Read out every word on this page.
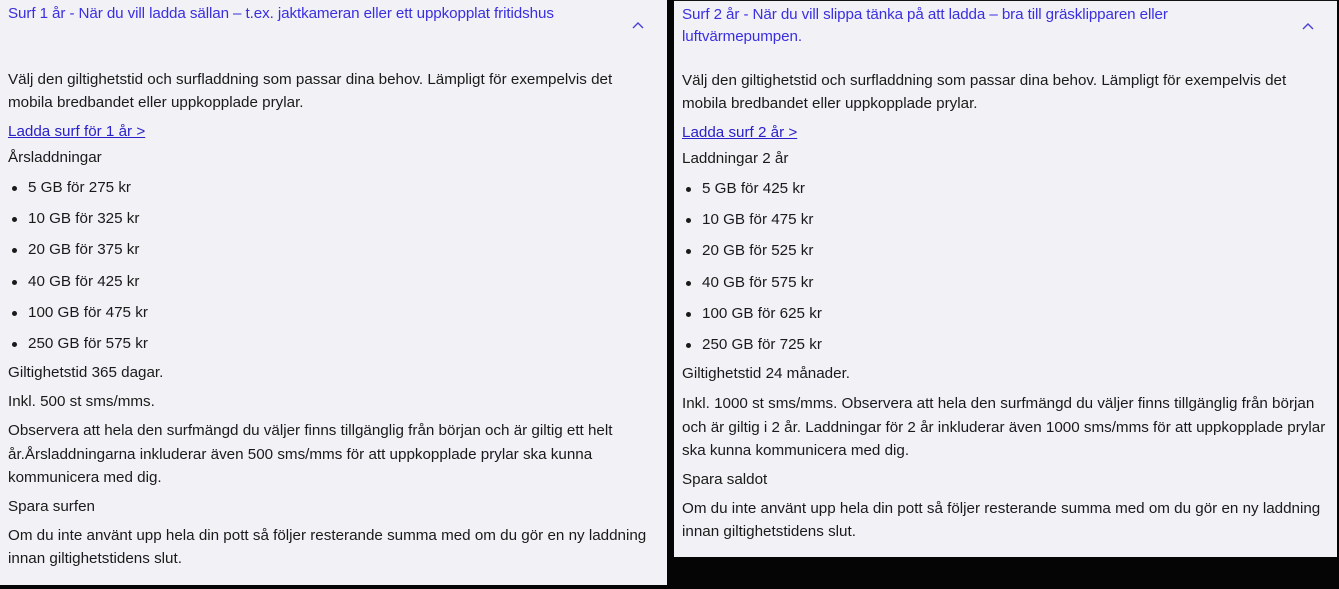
Surf 1 år - När du vill ladda sällan – t.ex. jaktkameran eller ett uppkopplat fritidshus

Välj den giltighetstid och surfladdning som passar dina behov. Lämpligt för exempelvis det mobila bredbandet eller uppkopplade prylar.

Ladda surf för 1 år >
Årsladdningar
5 GB för 275 kr
10 GB för 325 kr
20 GB för 375 kr
40 GB för 425 kr
100 GB för 475 kr
250 GB för 575 kr

Giltighetstid 365 dagar.

Inkl. 500 st sms/mms.

Observera att hela den surfmängd du väljer finns tillgänglig från början och är giltig ett helt år.Årsladdningarna inkluderar även 500 sms/mms för att uppkopplade prylar ska kunna kommunicera med dig.

Spara surfen

Om du inte använt upp hela din pott så följer resterande summa med om du gör en ny laddning innan giltighetstidens slut.

Surf 2 år - När du vill slippa tänka på att ladda – bra till gräsklipparen eller luftvärmepumpen.

Välj den giltighetstid och surfladdning som passar dina behov. Lämpligt för exempelvis det mobila bredbandet eller uppkopplade prylar.

Ladda surf 2 år >
Laddningar 2 år
5 GB för 425 kr
10 GB för 475 kr
20 GB för 525 kr
40 GB för 575 kr
100 GB för 625 kr
250 GB för 725 kr

Giltighetstid 24 månader.

Inkl. 1000 st sms/mms. Observera att hela den surfmängd du väljer finns tillgänglig från början och är giltig i 2 år. Laddningar för 2 år inkluderar även 1000 sms/mms för att uppkopplade prylar ska kunna kommunicera med dig.

Spara saldot

Om du inte använt upp hela din pott så följer resterande summa med om du gör en ny laddning innan giltighetstidens slut.
